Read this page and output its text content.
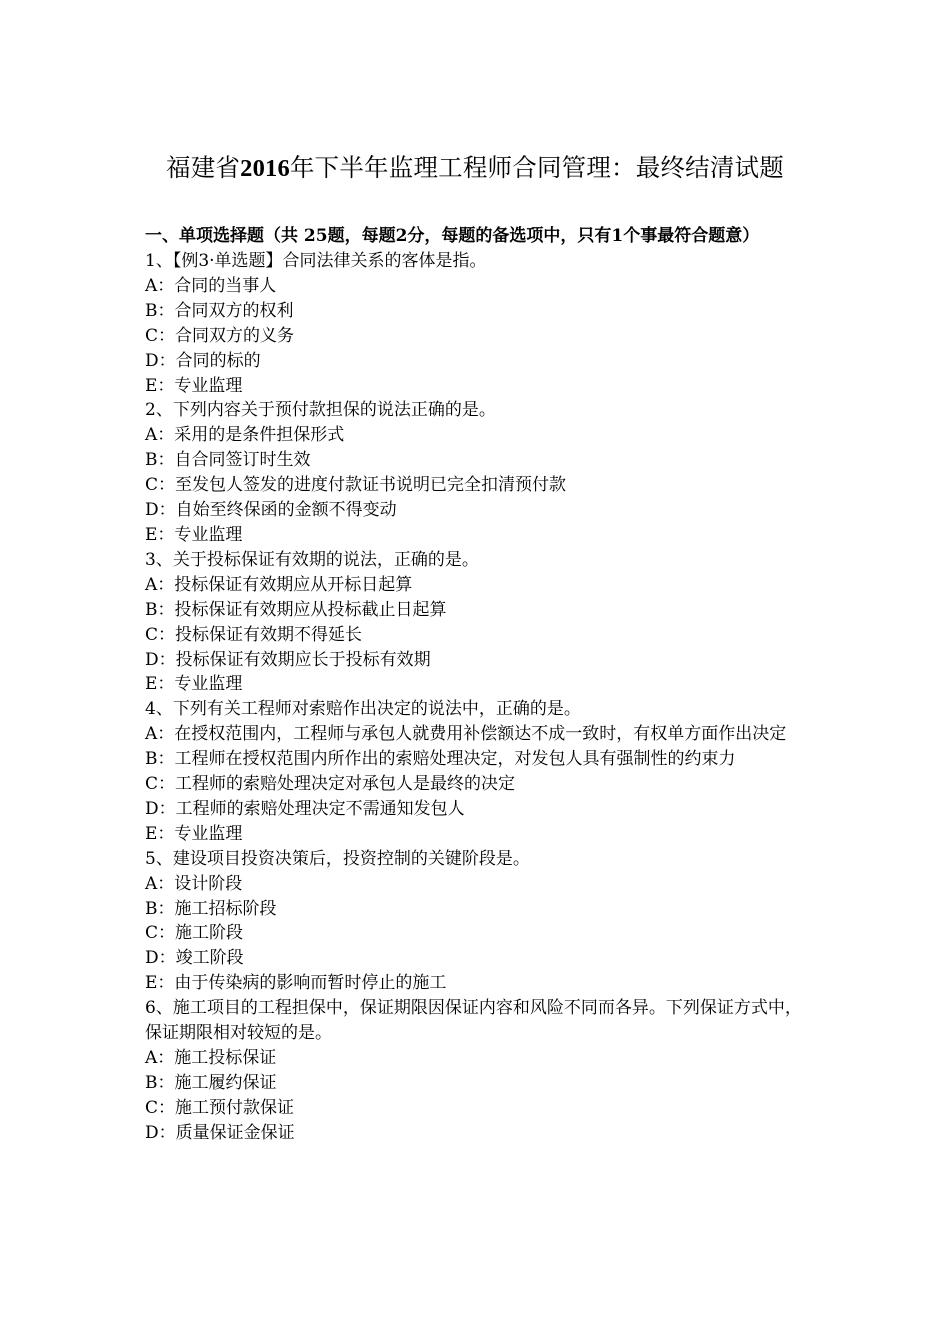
福建省2016年下半年监理工程师合同管理：最终结清试题

一、单项选择题（共 25题，每题2分，每题的备选项中，只有1个事最符合题意）

1、【例3·单选题】合同法律关系的客体是指。

A：合同的当事人

B：合同双方的权利

C：合同双方的义务

D：合同的标的

E：专业监理

2、下列内容关于预付款担保的说法正确的是。

A：采用的是条件担保形式

B：自合同签订时生效

C：至发包人签发的进度付款证书说明已完全扣清预付款

D：自始至终保函的金额不得变动

E：专业监理

3、关于投标保证有效期的说法，正确的是。

A：投标保证有效期应从开标日起算

B：投标保证有效期应从投标截止日起算

C：投标保证有效期不得延长

D：投标保证有效期应长于投标有效期

E：专业监理

4、下列有关工程师对索赔作出决定的说法中，正确的是。

A：在授权范围内，工程师与承包人就费用补偿额达不成一致时，有权单方面作出决定

B：工程师在授权范围内所作出的索赔处理决定，对发包人具有强制性的约束力

C：工程师的索赔处理决定对承包人是最终的决定

D：工程师的索赔处理决定不需通知发包人

E：专业监理

5、建设项目投资决策后，投资控制的关键阶段是。

A：设计阶段

B：施工招标阶段

C：施工阶段

D：竣工阶段

E：由于传染病的影响而暂时停止的施工

6、施工项目的工程担保中，保证期限因保证内容和风险不同而各异。下列保证方式中，保证期限相对较短的是。

A：施工投标保证

B：施工履约保证

C：施工预付款保证

D：质量保证金保证
